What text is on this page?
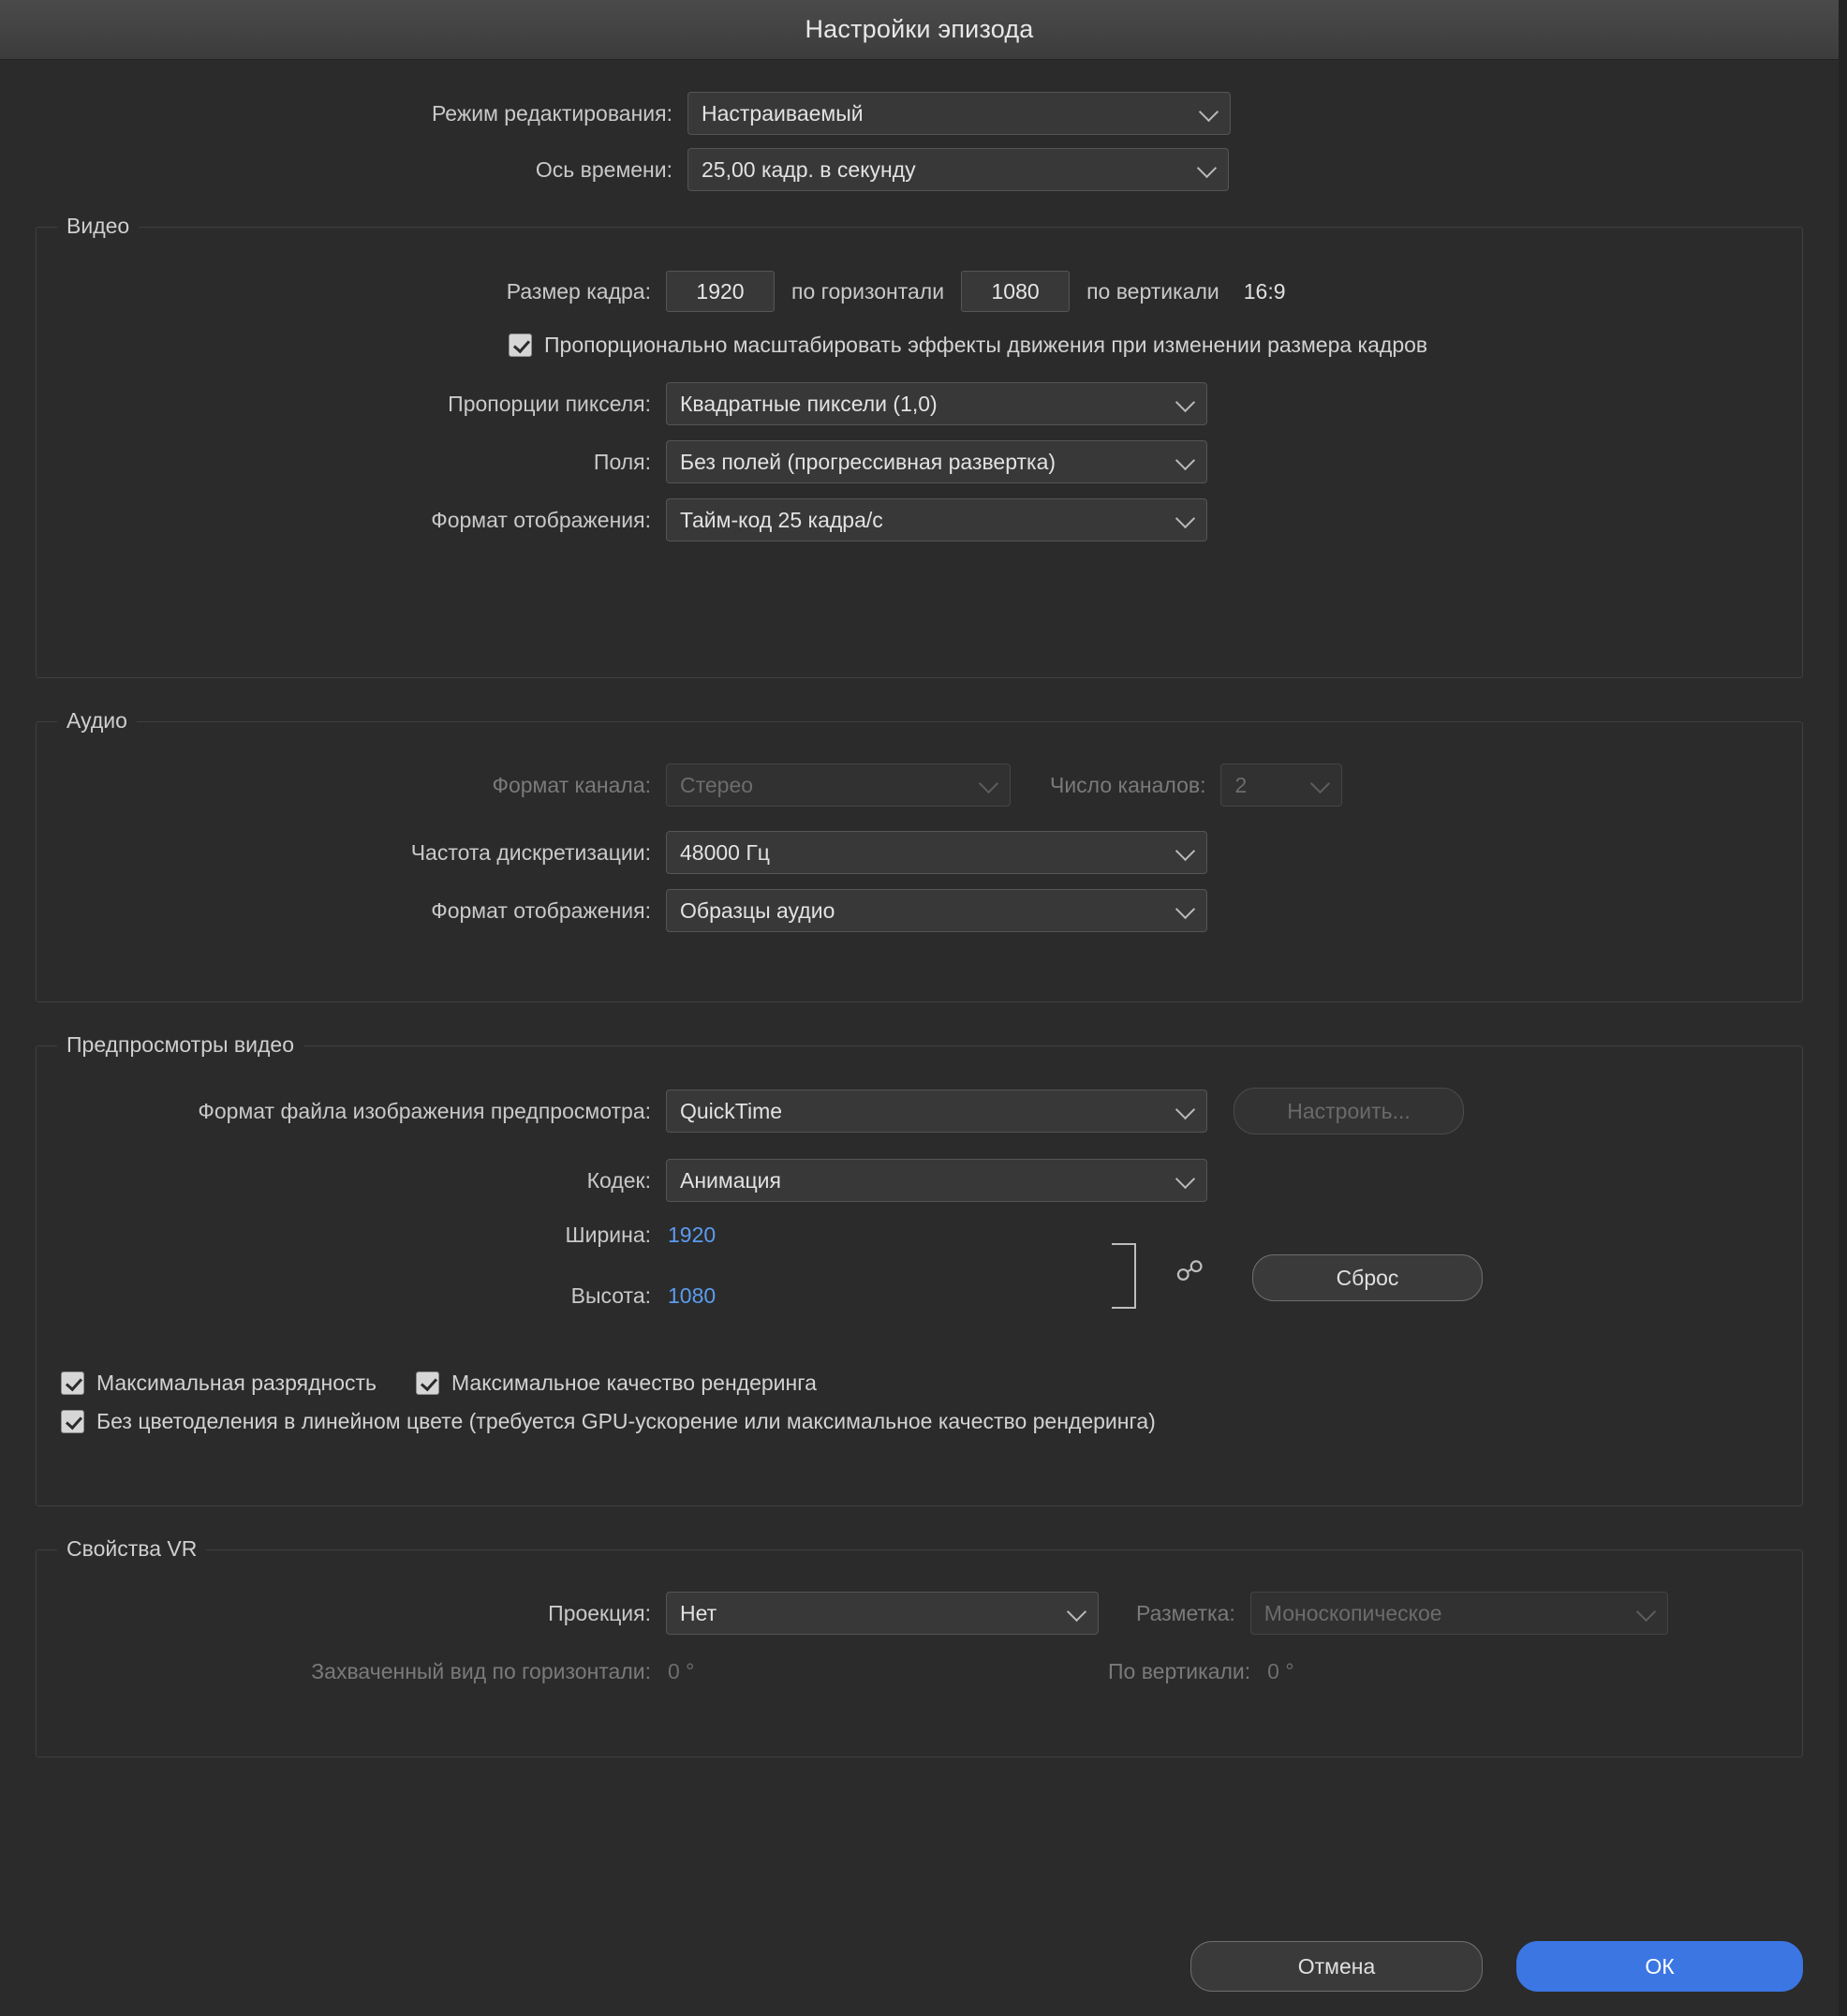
Настройки эпизода
Режим редактирования: Настраиваемый
Ось времени: 25,00 кадр. в секунду
Видео
Размер кадра:	1920	по горизонтали	1080	по вертикали 16:9
Пропорционально масштабировать эффекты движения при изменении размера кадров
Пропорции пикселя: Квадратные пиксели (1,0)
Поля: Без полей (прогрессивная развертка)
Формат отображения: Тайм-код 25 кадра/с
Аудио
Формат канала: Стерео	Число каналов: 2
Частота дискретизации: 48000 Гц
Формат отображения: Образцы аудио
Предпросмотры видео
Формат файла изображения предпросмотра: QuickTime	Настроить...
Кодек: Анимация
Ширина: 1920
Высота: 1080
☍	Сброс
Максимальная разрядность	Максимальное качество рендеринга
Без цветоделения в линейном цвете (требуется GPU-ускорение или максимальное качество рендеринга)
Свойства VR
Проекция: Нет	Разметка: Моноскопическое
Захваченный вид по горизонтали: 0 °	По вертикали: 0 °
Отмена	ОК
